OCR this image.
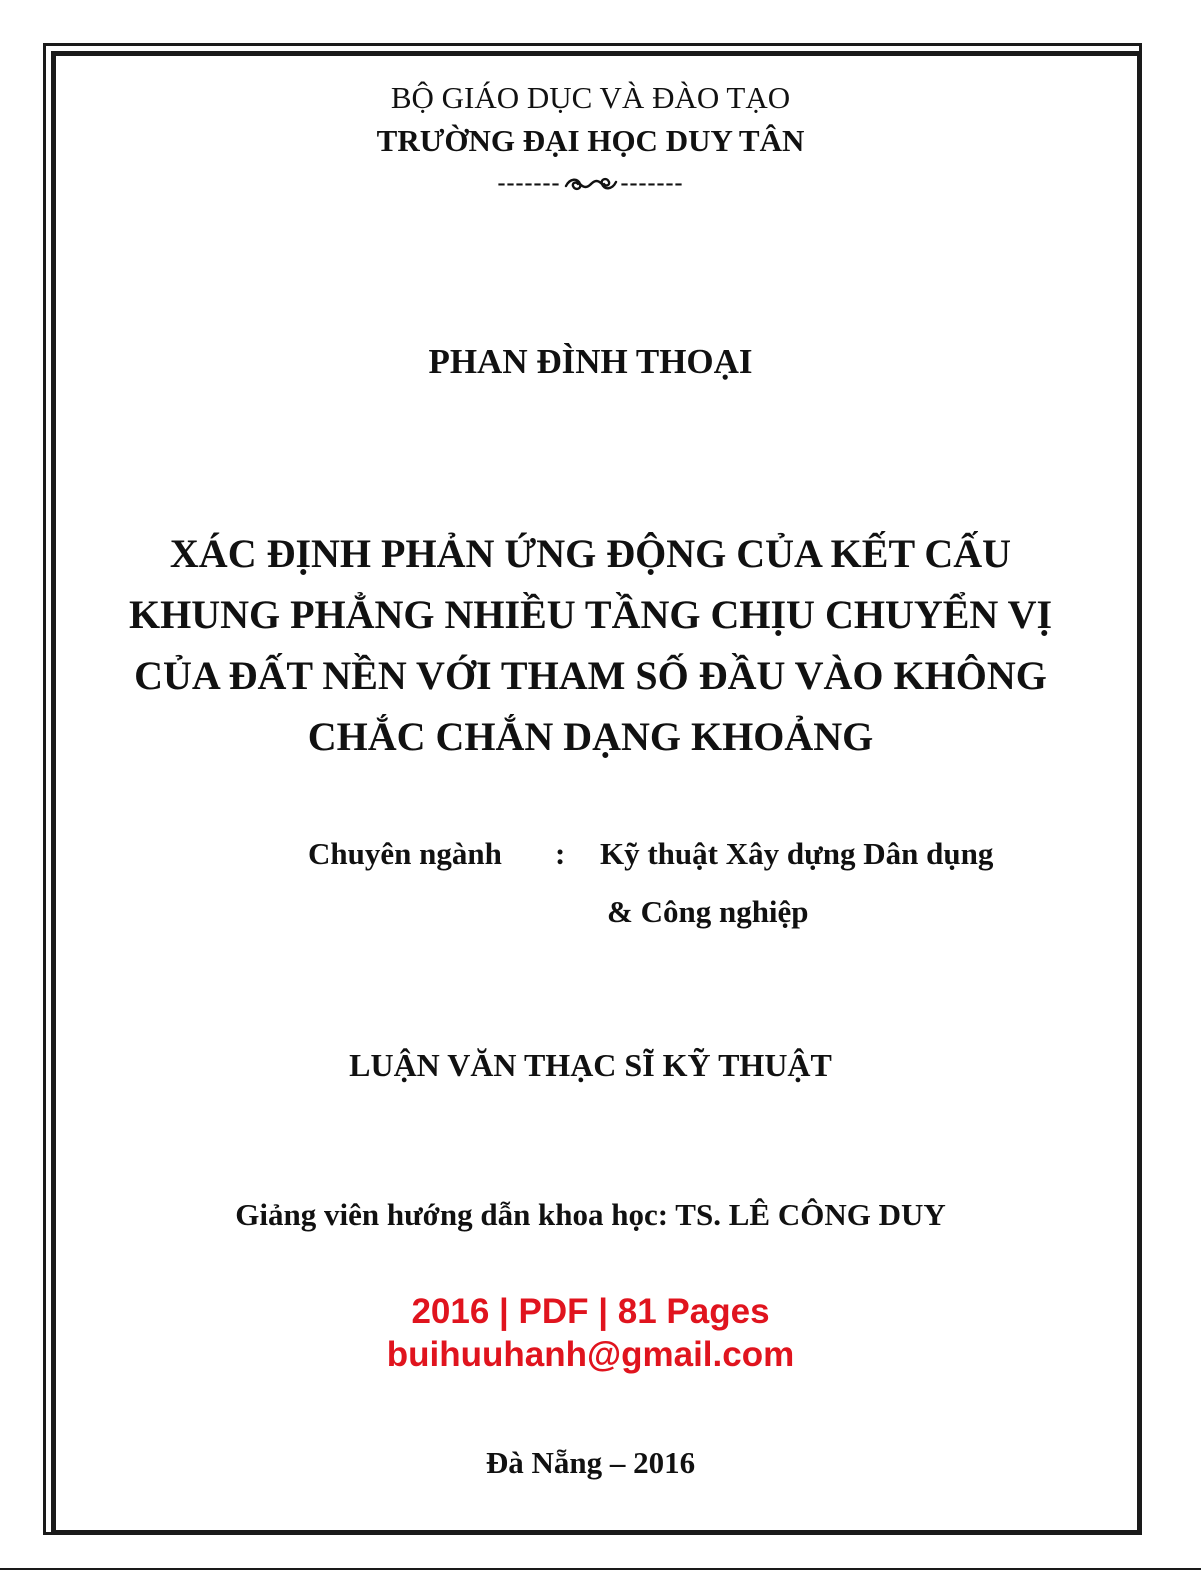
BỘ GIÁO DỤC VÀ ĐÀO TẠO
TRƯỜNG ĐẠI HỌC DUY TÂN
-------	-------
PHAN ĐÌNH THOẠI
XÁC ĐỊNH PHẢN ỨNG ĐỘNG CỦA KẾT CẤU
KHUNG PHẲNG NHIỀU TẦNG CHỊU CHUYỂN VỊ
CỦA ĐẤT NỀN VỚI THAM SỐ ĐẦU VÀO KHÔNG
CHẮC CHẮN DẠNG KHOẢNG
Chuyên ngành : Kỹ thuật Xây dựng Dân dụng
& Công nghiệp
LUẬN VĂN THẠC SĨ KỸ THUẬT
Giảng viên hướng dẫn khoa học: TS. LÊ CÔNG DUY
2016 | PDF | 81 Pages
buihuuhanh@gmail.com
Đà Nẵng – 2016
